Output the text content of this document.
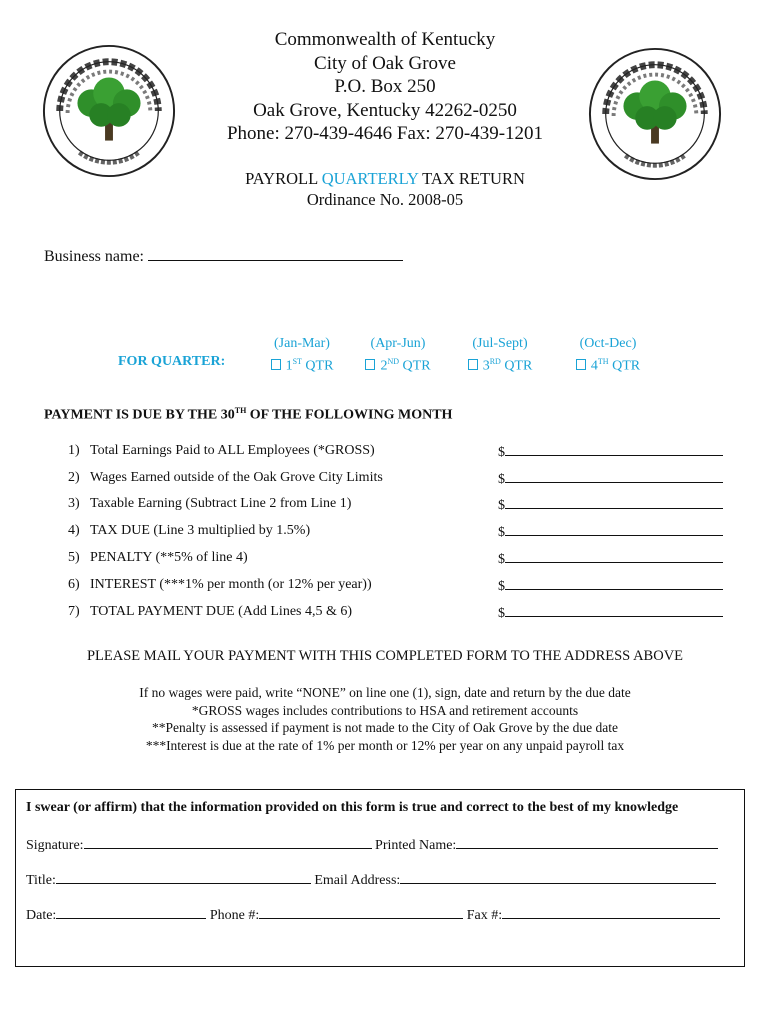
Commonwealth of Kentucky
City of Oak Grove
P.O. Box 250
Oak Grove, Kentucky 42262-0250
Phone: 270-439-4646 Fax: 270-439-1201
PAYROLL QUARTERLY TAX RETURN
Ordinance No. 2008-05
Business name:
FOR QUARTER:
(Jan-Mar)
1ST QTR
(Apr-Jun)
2ND QTR
(Jul-Sept)
3RD QTR
(Oct-Dec)
4TH QTR
PAYMENT IS DUE BY THE 30TH OF THE FOLLOWING MONTH
1) Total Earnings Paid to ALL Employees (*GROSS)	$
2) Wages Earned outside of the Oak Grove City Limits	$
3) Taxable Earning (Subtract Line 2 from Line 1)	$
4) TAX DUE (Line 3 multiplied by 1.5%)	$
5) PENALTY (**5% of line 4)	$
6) INTEREST (***1% per month (or 12% per year))	$
7) TOTAL PAYMENT DUE (Add Lines 4,5 & 6)	$
PLEASE MAIL YOUR PAYMENT WITH THIS COMPLETED FORM TO THE ADDRESS ABOVE
If no wages were paid, write “NONE” on line one (1), sign, date and return by the due date
*GROSS wages includes contributions to HSA and retirement accounts
**Penalty is assessed if payment is not made to the City of Oak Grove by the due date
***Interest is due at the rate of 1% per month or 12% per year on any unpaid payroll tax
I swear (or affirm) that the information provided on this form is true and correct to the best of my knowledge
Signature:	Printed Name:
Title:	Email Address:
Date:	Phone #:	Fax #:
